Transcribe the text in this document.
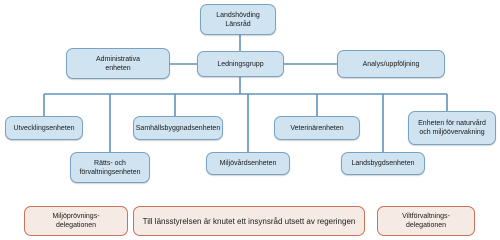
Landshövding
Länsråd
Ledningsgrupp
Administrativa
enheten
Analys/uppföljning
Utvecklingsenheten
Rätts- och
förvaltningsenheten
Samhällsbyggnadsenheten
Miljövårdsenheten
Veterinärenheten
Landsbygdsenheten
Enheten för naturvård
och miljöövervakning
Miljöprövnings-
delegationen	Till länsstyrelsen är knutet ett insynsråd utsett av regeringen	Viltförvaltnings-
delegationen
